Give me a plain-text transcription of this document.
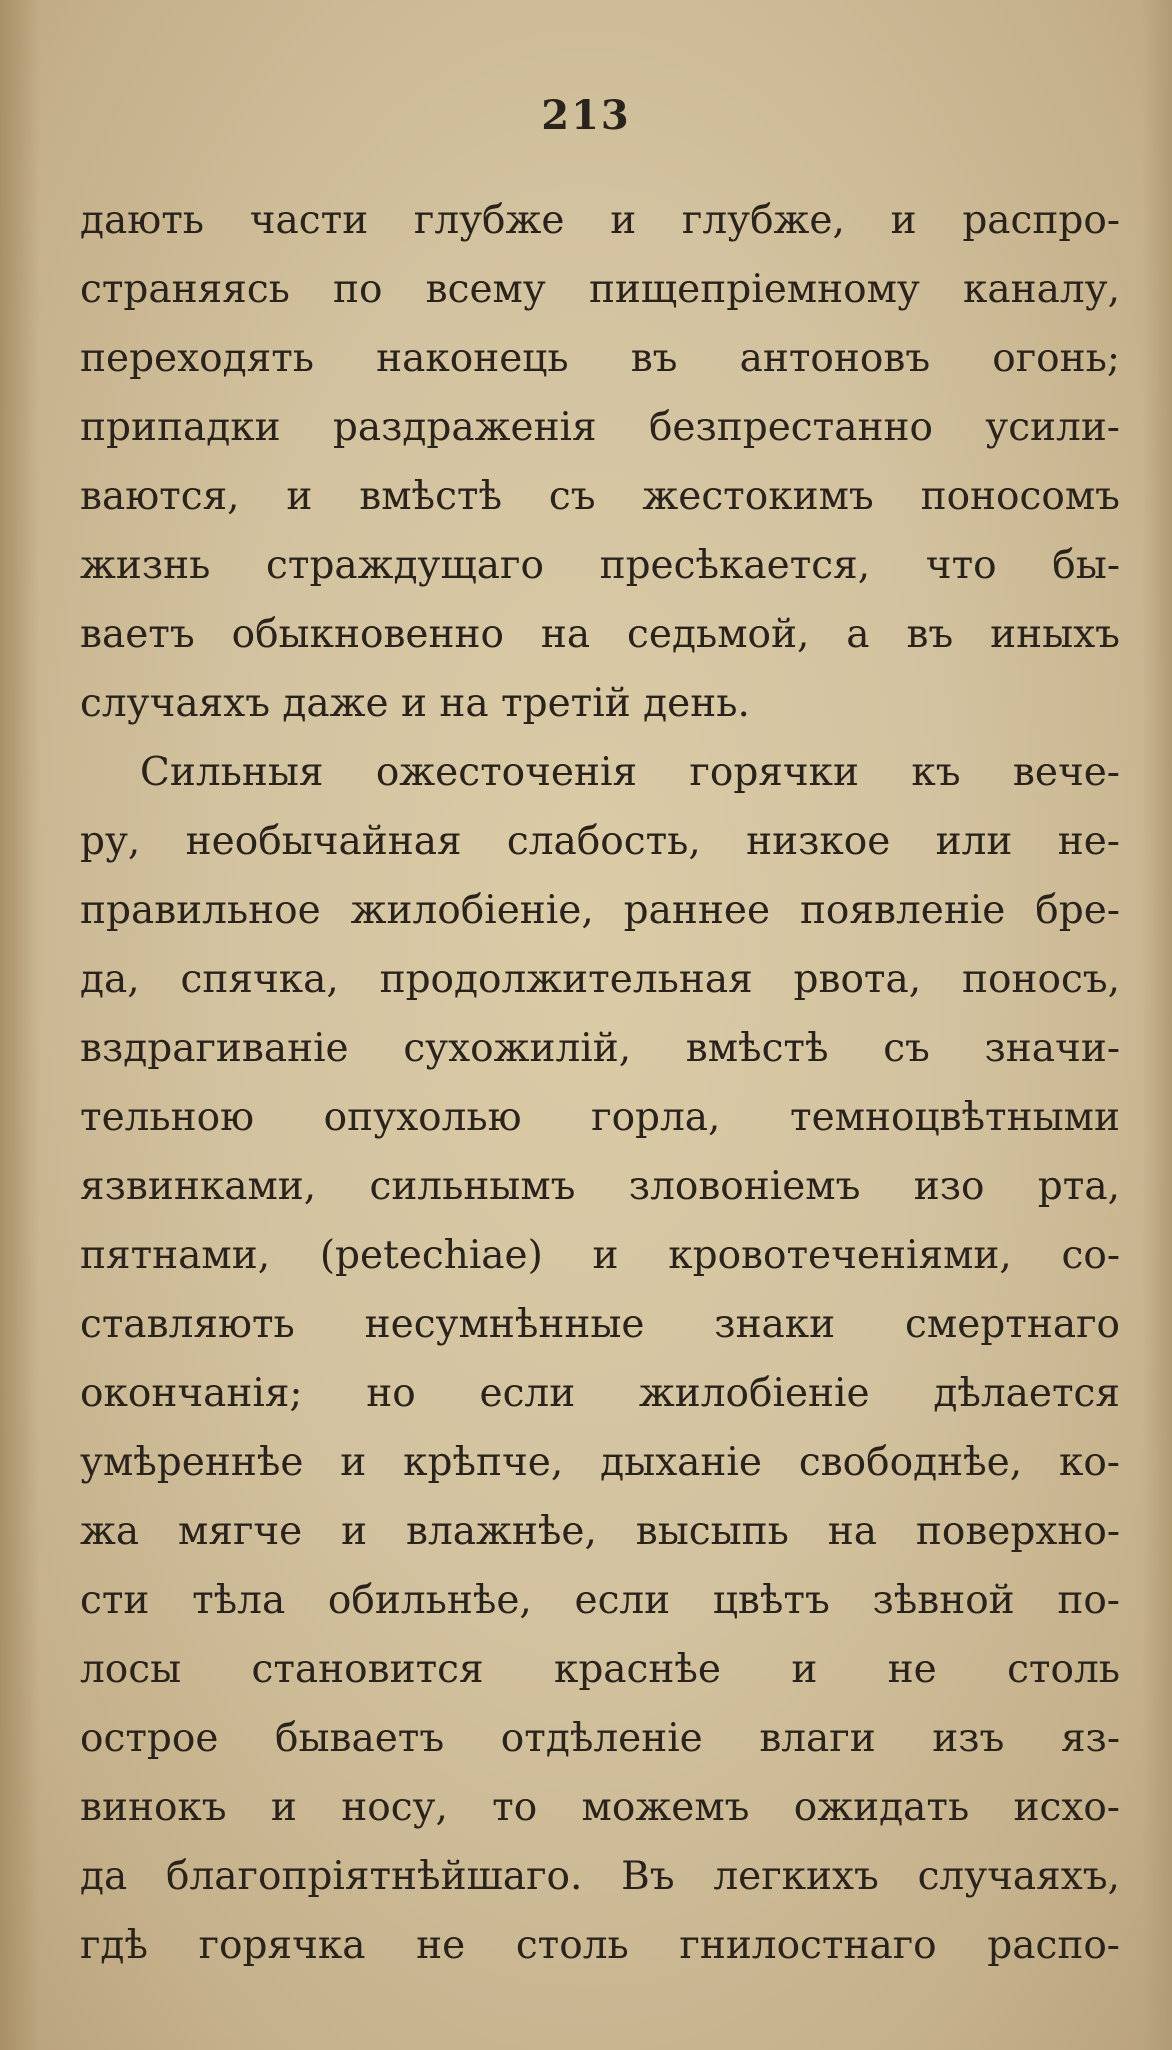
213
дають части глубже и глубже, и распро-
страняясь по всему пищепріемному каналу,
переходять наконець въ антоновъ огонь;
припадки раздраженія безпрестанно усили-
ваются, и вмѣстѣ съ жестокимъ поносомъ
жизнь страждущаго пресѣкается, что бы-
ваетъ обыкновенно на седьмой, а въ иныхъ
случаяхъ даже и на третій день.
Сильныя ожесточенія горячки къ вече-
ру, необычайная слабость, низкое или не-
правильное жилобіеніе, раннее появленіе бре-
да, спячка, продолжительная рвота, поносъ,
вздрагиваніе сухожилій, вмѣстѣ съ значи-
тельною опухолью горла, темноцвѣтными
язвинками, сильнымъ зловоніемъ изо рта,
пятнами, (petechiae) и кровотеченіями, со-
ставляють несумнѣнные знаки смертнаго
окончанія; но если жилобіеніе дѣлается
умѣреннѣе и крѣпче, дыханіе свободнѣе, ко-
жа мягче и влажнѣе, высыпь на поверхно-
сти тѣла обильнѣе, если цвѣтъ зѣвной по-
лосы становится краснѣе и не столь
острое бываетъ отдѣленіе влаги изъ яз-
винокъ и носу, то можемъ ожидать исхо-
да благопріятнѣйшаго. Въ легкихъ случаяхъ,
гдѣ горячка не столь гнилостнаго распо-
